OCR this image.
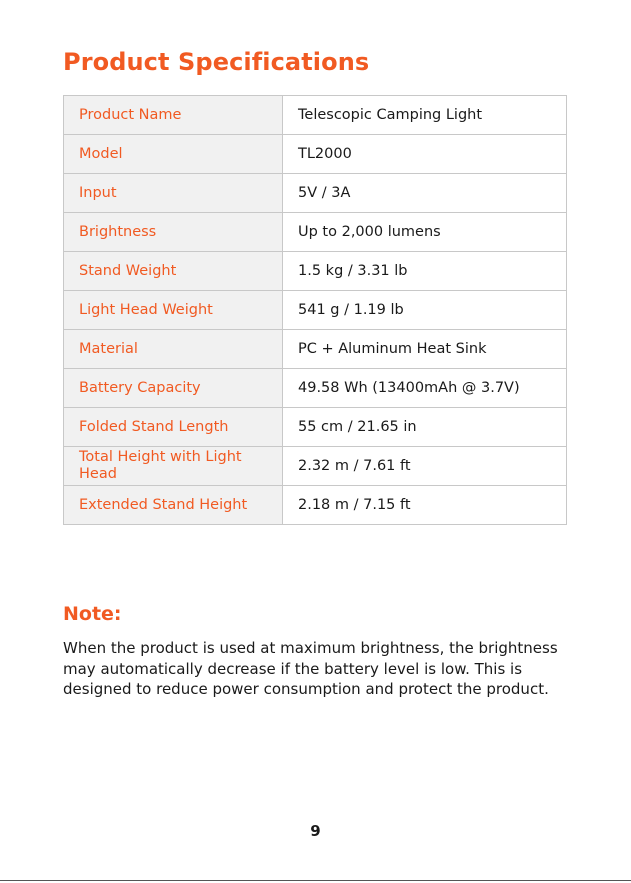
Product Specifications
Product Name	Telescopic Camping Light
Model	TL2000
Input	5V / 3A
Brightness	Up to 2,000 lumens
Stand Weight	1.5 kg / 3.31 lb
Light Head Weight	541 g / 1.19 lb
Material	PC + Aluminum Heat Sink
Battery Capacity	49.58 Wh (13400mAh @ 3.7V)
Folded Stand Length	55 cm / 21.65 in
Total Height with Light Head	2.32 m / 7.61 ft
Extended Stand Height	2.18 m / 7.15 ft
Note:

When the product is used at maximum brightness, the brightness may automatically decrease if the battery level is low. This is designed to reduce power consumption and protect the product.

9
